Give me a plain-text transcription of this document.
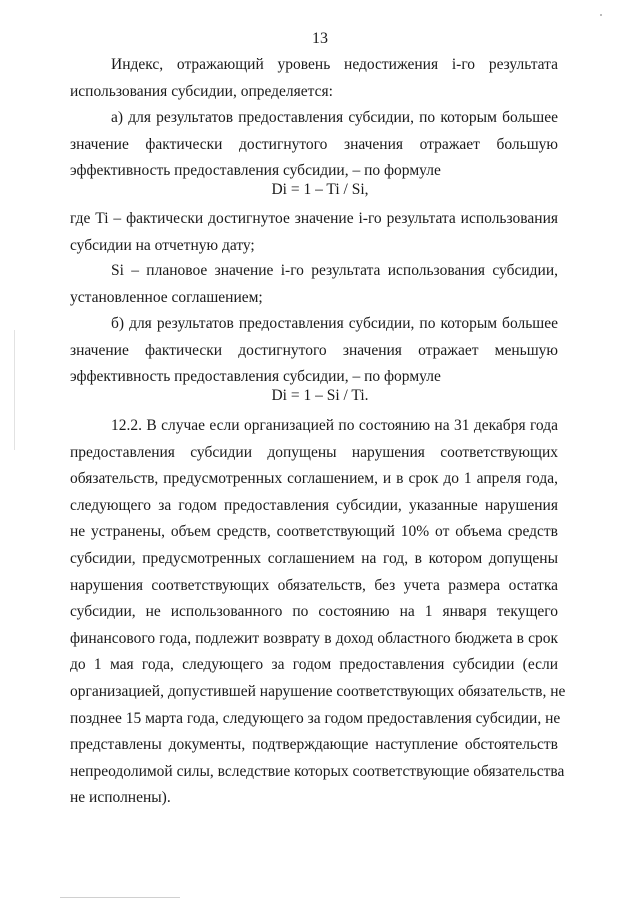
13
Индекс, отражающий уровень недостижения i-го результата
использования субсидии, определяется:
а) для результатов предоставления субсидии, по которым большее
значение фактически достигнутого значения отражает большую
эффективность предоставления субсидии, – по формуле
Di = 1 – Ti / Si,
где Ti – фактически достигнутое значение i-го результата использования
субсидии на отчетную дату;
Si – плановое значение i-го результата использования субсидии,
установленное соглашением;
б) для результатов предоставления субсидии, по которым большее
значение фактически достигнутого значения отражает меньшую
эффективность предоставления субсидии, – по формуле
Di = 1 – Si / Ti.
12.2. В случае если организацией по состоянию на 31 декабря года
предоставления субсидии допущены нарушения соответствующих
обязательств, предусмотренных соглашением, и в срок до 1 апреля года,
следующего за годом предоставления субсидии, указанные нарушения
не устранены, объем средств, соответствующий 10% от объема средств
субсидии, предусмотренных соглашением на год, в котором допущены
нарушения соответствующих обязательств, без учета размера остатка
субсидии, не использованного по состоянию на 1 января текущего
финансового года, подлежит возврату в доход областного бюджета в срок
до 1 мая года, следующего за годом предоставления субсидии (если
организацией, допустившей нарушение соответствующих обязательств, не
позднее 15 марта года, следующего за годом предоставления субсидии, не
представлены документы, подтверждающие наступление обстоятельств
непреодолимой силы, вследствие которых соответствующие обязательства
не исполнены).
